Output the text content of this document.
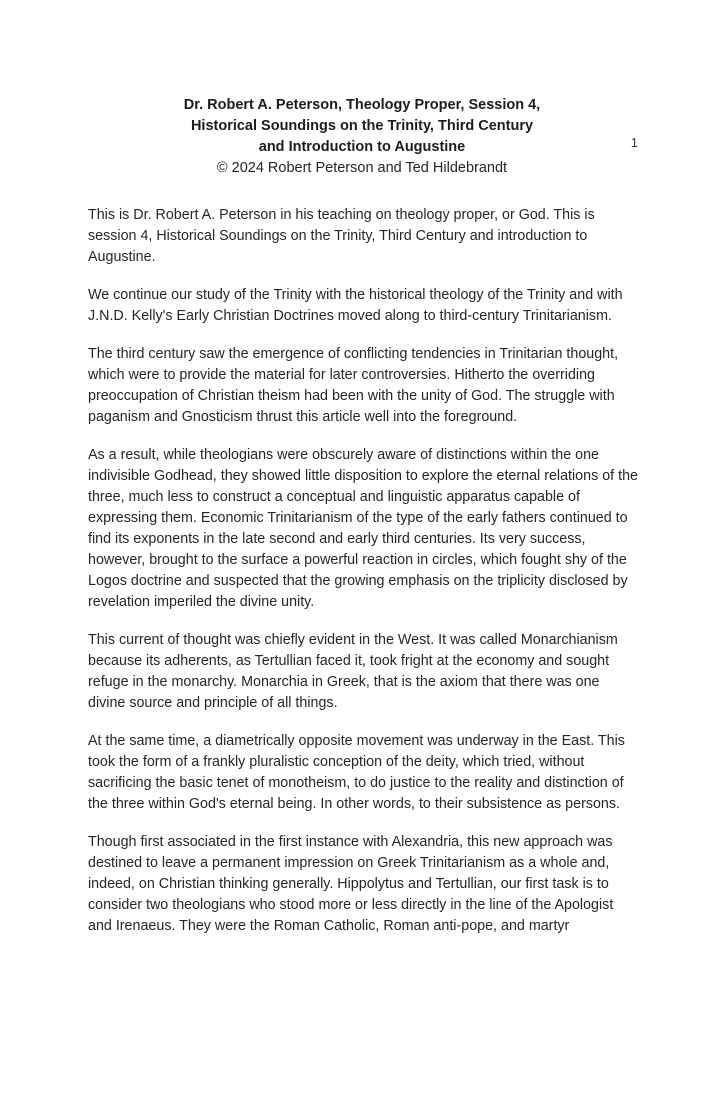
1
Dr. Robert A. Peterson, Theology Proper, Session 4,
Historical Soundings on the Trinity, Third Century
and Introduction to Augustine
© 2024 Robert Peterson and Ted Hildebrandt

This is Dr. Robert A. Peterson in his teaching on theology proper, or God. This is session 4, Historical Soundings on the Trinity, Third Century and introduction to Augustine.

We continue our study of the Trinity with the historical theology of the Trinity and with J.N.D. Kelly's Early Christian Doctrines moved along to third-century Trinitarianism.

The third century saw the emergence of conflicting tendencies in Trinitarian thought, which were to provide the material for later controversies. Hitherto the overriding preoccupation of Christian theism had been with the unity of God. The struggle with paganism and Gnosticism thrust this article well into the foreground.

As a result, while theologians were obscurely aware of distinctions within the one indivisible Godhead, they showed little disposition to explore the eternal relations of the three, much less to construct a conceptual and linguistic apparatus capable of expressing them. Economic Trinitarianism of the type of the early fathers continued to find its exponents in the late second and early third centuries. Its very success, however, brought to the surface a powerful reaction in circles, which fought shy of the Logos doctrine and suspected that the growing emphasis on the triplicity disclosed by revelation imperiled the divine unity.

This current of thought was chiefly evident in the West. It was called Monarchianism because its adherents, as Tertullian faced it, took fright at the economy and sought refuge in the monarchy. Monarchia in Greek, that is the axiom that there was one divine source and principle of all things.

At the same time, a diametrically opposite movement was underway in the East. This took the form of a frankly pluralistic conception of the deity, which tried, without sacrificing the basic tenet of monotheism, to do justice to the reality and distinction of the three within God's eternal being. In other words, to their subsistence as persons.

Though first associated in the first instance with Alexandria, this new approach was destined to leave a permanent impression on Greek Trinitarianism as a whole and, indeed, on Christian thinking generally. Hippolytus and Tertullian, our first task is to consider two theologians who stood more or less directly in the line of the Apologist and Irenaeus. They were the Roman Catholic, Roman anti-pope, and martyr
